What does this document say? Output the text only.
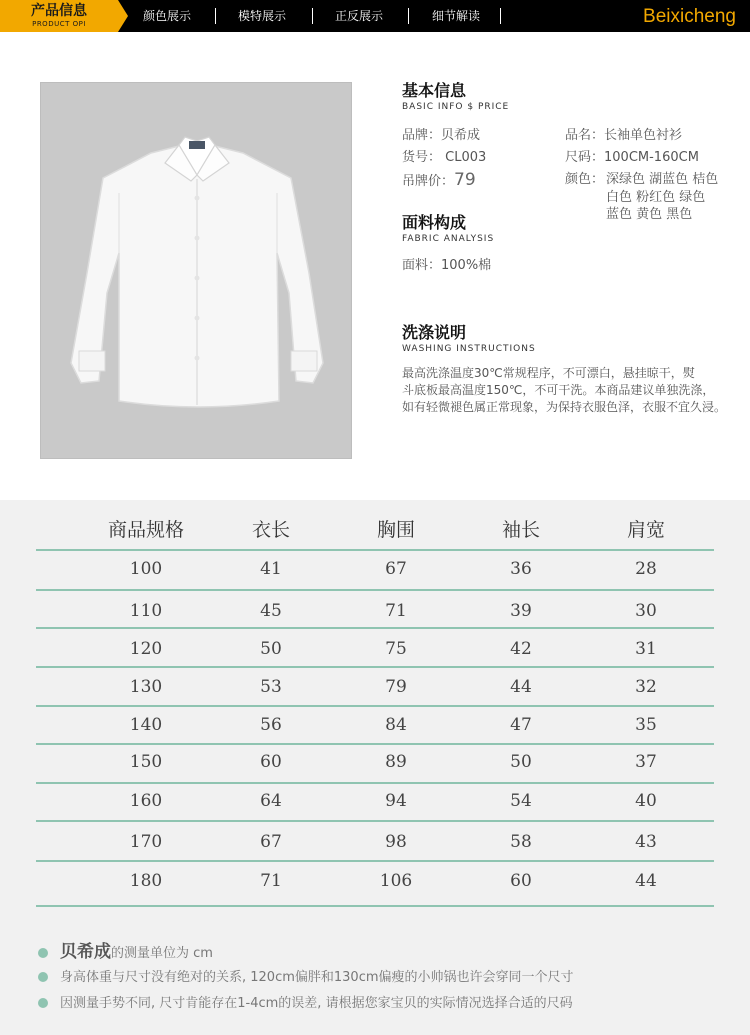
产品信息
PRODUCT OPI
颜色展示	模特展示	正反展示	细节解读	Beixicheng
基本信息
BASIC INFO $ PRICE
品牌：贝希成	品名：长袖单色衬衫
货号： CL003	尺码：100CM-160CM
吊牌价：79	颜色： 深绿色 湖蓝色 桔色
白色 粉红色 绿色
蓝色 黄色 黑色
面料构成
FABRIC ANALYSIS
面料：100%棉
洗涤说明
WASHING INSTRUCTIONS
最高洗涤温度30℃常规程序，不可漂白，悬挂晾干，熨
斗底板最高温度150℃，不可干洗。本商品建议单独洗涤，
如有轻微褪色属正常现象，为保持衣服色泽，衣服不宜久浸。
商品规格	衣长	胸围	袖长	肩宽
100	41	67	36	28
110	45	71	39	30
120	50	75	42	31
130	53	79	44	32
140	56	84	47	35
150	60	89	50	37
160	64	94	54	40
170	67	98	58	43
180	71	106	60	44
贝希成的测量单位为 cm
身高体重与尺寸没有绝对的关系, 120cm偏胖和130cm偏瘦的小帅锅也许会穿同一个尺寸
因测量手势不同, 尺寸肯能存在1-4cm的误差, 请根据您家宝贝的实际情况选择合适的尺码
